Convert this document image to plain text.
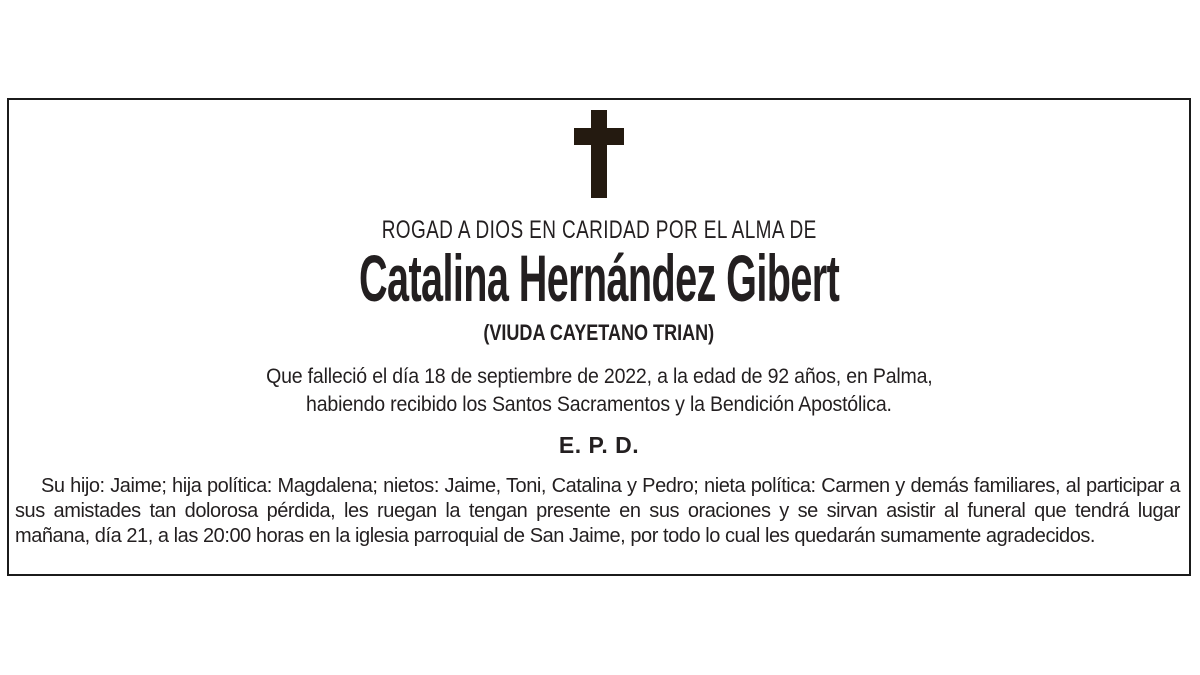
ROGAD A DIOS EN CARIDAD POR EL ALMA DE
Catalina Hernández Gibert
(VIUDA CAYETANO TRIAN)
Que falleció el día 18 de septiembre de 2022, a la edad de 92 años, en Palma,
habiendo recibido los Santos Sacramentos y la Bendición Apostólica.
E. P. D.

Su hijo: Jaime; hija política: Magdalena; nietos: Jaime, Toni, Catalina y Pedro; nieta política: Carmen y demás familiares, al participar a sus amistades tan dolorosa pérdida, les ruegan la tengan presente en sus oraciones y se sirvan asistir al funeral que tendrá lugar mañana, día 21, a las 20:00 horas en la iglesia parroquial de San Jaime, por todo lo cual les quedarán sumamente agradecidos.
